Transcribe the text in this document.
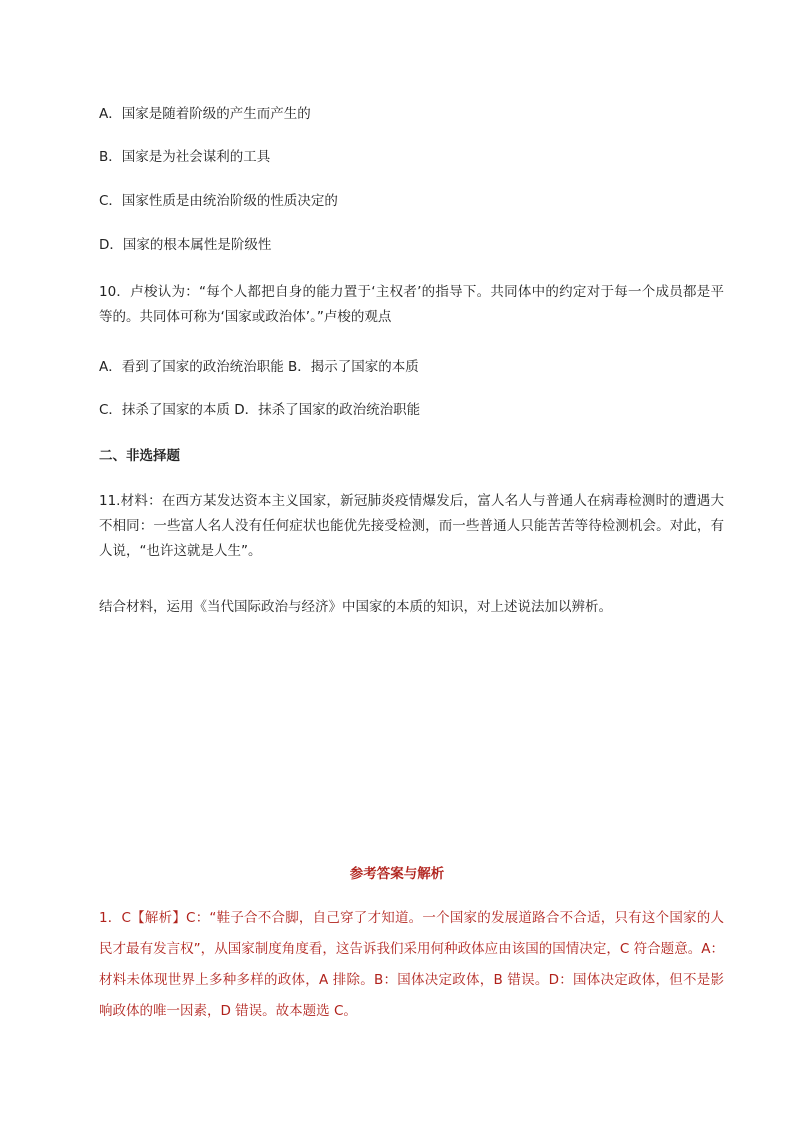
A．国家是随着阶级的产生而产生的
B．国家是为社会谋利的工具
C．国家性质是由统治阶级的性质决定的
D．国家的根本属性是阶级性
10．卢梭认为：“每个人都把自身的能力置于‘主权者’的指导下。共同体中的约定对于每一个成员都是平等的。共同体可称为‘国家或政治体’。”卢梭的观点
A．看到了国家的政治统治职能 B．揭示了国家的本质
C．抹杀了国家的本质 D．抹杀了国家的政治统治职能
二、非选择题
11.材料：在西方某发达资本主义国家，新冠肺炎疫情爆发后，富人名人与普通人在病毒检测时的遭遇大不相同：一些富人名人没有任何症状也能优先接受检测，而一些普通人只能苦苦等待检测机会。对此，有人说，“也许这就是人生”。
结合材料，运用《当代国际政治与经济》中国家的本质的知识，对上述说法加以辨析。
参考答案与解析
1．C【解析】C：“鞋子合不合脚，自己穿了才知道。一个国家的发展道路合不合适，只有这个国家的人民才最有发言权”，从国家制度角度看，这告诉我们采用何种政体应由该国的国情决定，C 符合题意。A：材料未体现世界上多种多样的政体，A 排除。B：国体决定政体，B 错误。D：国体决定政体，但不是影响政体的唯一因素，D 错误。故本题选 C。
